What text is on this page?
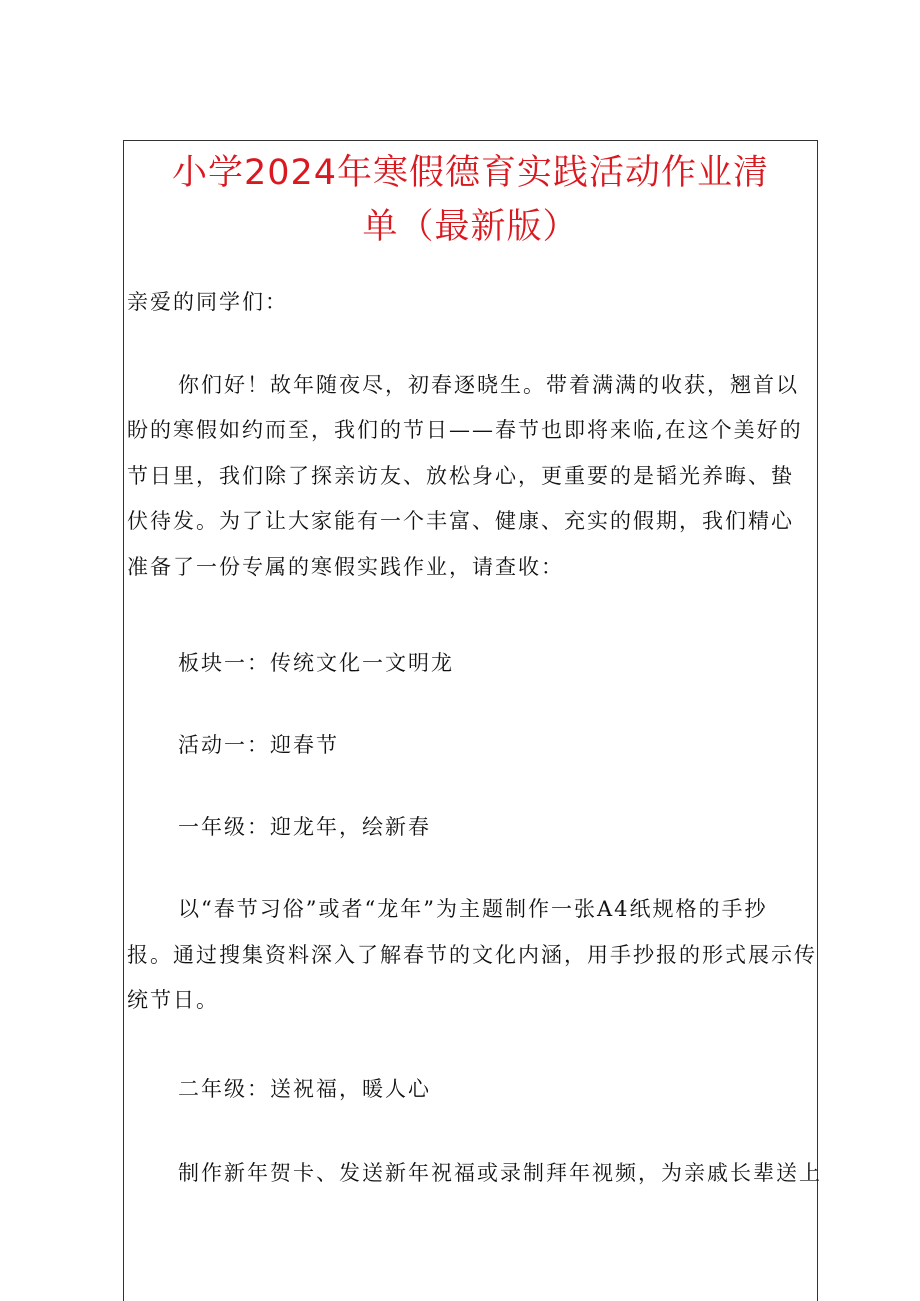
小学2024年寒假德育实践活动作业清
单（最新版）
亲爱的同学们：
你们好！故年随夜尽，初春逐晓生。带着满满的收获，翘首以
盼的寒假如约而至，我们的节日——春节也即将来临,在这个美好的
节日里，我们除了探亲访友、放松身心，更重要的是韬光养晦、蛰
伏待发。为了让大家能有一个丰富、健康、充实的假期，我们精心
准备了一份专属的寒假实践作业，请查收：
板块一：传统文化一文明龙
活动一：迎春节
一年级：迎龙年，绘新春
以“春节习俗”或者“龙年”为主题制作一张A4纸规格的手抄
报。通过搜集资料深入了解春节的文化内涵，用手抄报的形式展示传
统节日。
二年级：送祝福，暖人心
制作新年贺卡、发送新年祝福或录制拜年视频，为亲戚长辈送上
